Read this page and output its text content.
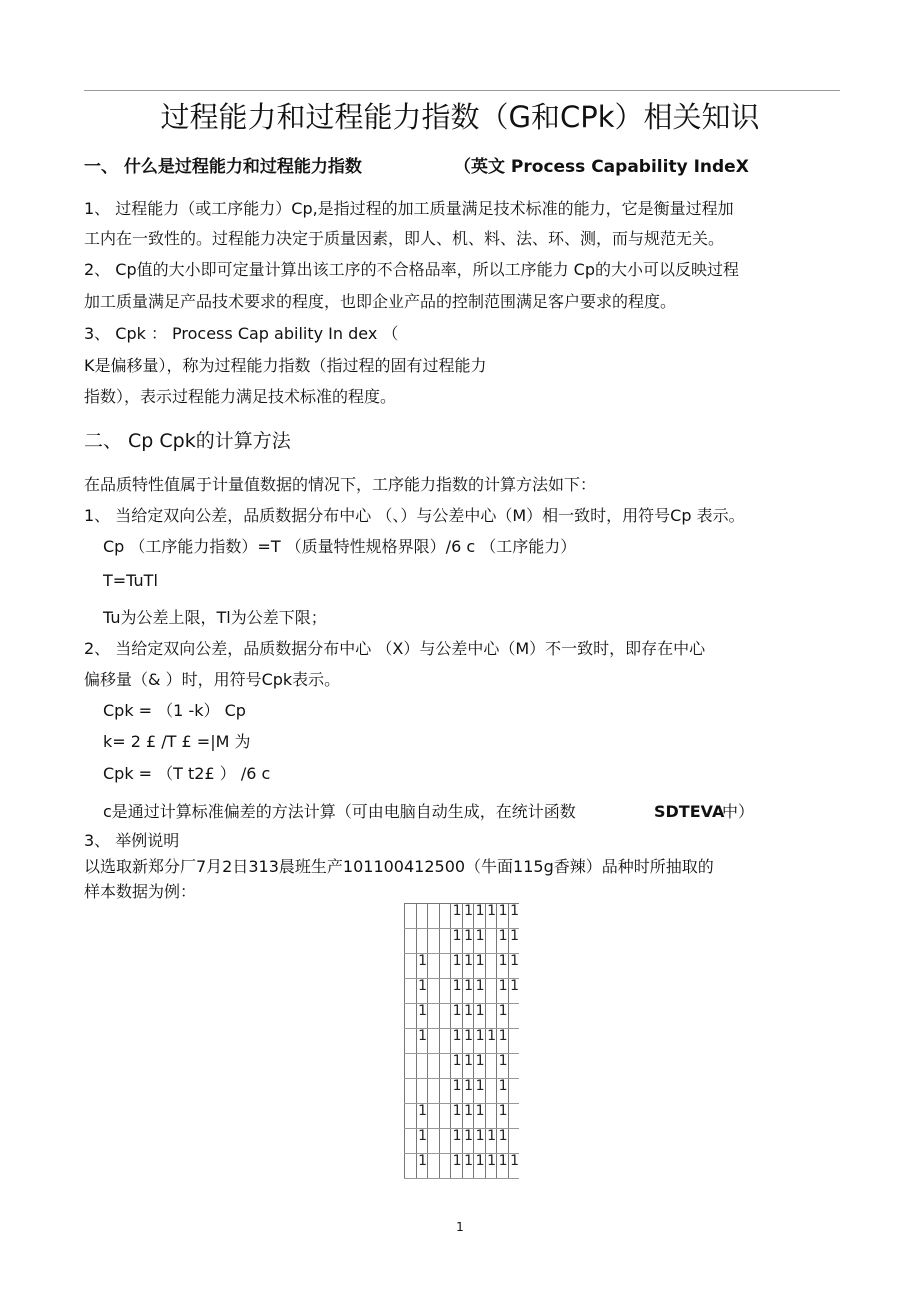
过程能力和过程能力指数（G和CPk）相关知识
一、 什么是过程能力和过程能力指数	（英文 Process Capability IndeX
1、 过程能力（或工序能力）Cp,是指过程的加工质量满足技术标准的能力，它是衡量过程加
工内在一致性的。过程能力决定于质量因素，即人、机、料、法、环、测，而与规范无关。
2、 Cp值的大小即可定量计算出该工序的不合格品率，所以工序能力 Cp的大小可以反映过程
加工质量满足产品技术要求的程度，也即企业产品的控制范围满足客户要求的程度。
3、 Cpk ： Process Cap ability In dex （
K是偏移量），称为过程能力指数（指过程的固有过程能力
指数），表示过程能力满足技术标准的程度。
二、 Cp Cpk的计算方法
在品质特性值属于计量值数据的情况下，工序能力指数的计算方法如下：
1、 当给定双向公差，品质数据分布中心 （、）与公差中心（M）相一致时，用符号Cp 表示。
Cp （工序能力指数）=T （质量特性规格界限）/6 c （工序能力）
T=TuTl
Tu为公差上限，Tl为公差下限；
2、 当给定双向公差，品质数据分布中心 （X）与公差中心（M）不一致时，即存在中心
偏移量（& ）时，用符号Cpk表示。
Cpk = （1 -k） Cp
k= 2 £ /T £ =|M 为
Cpk = （T t2£ ） /6 c
c是通过计算标准偏差的方法计算（可由电脑自动生成，在统计函数	SDTEVA
中）
3、 举例说明
以选取新郑分厂7月2日313晨班生产101100412500（牛面115g香辣）品种时所抽取的
样本数据为例：
				1	1	1	1	1	1
				1	1	1		1	1
	1			1	1	1		1	1
	1			1	1	1		1	1
	1			1	1	1		1	
	1			1	1	1	1	1	
				1	1	1		1	
				1	1	1		1	
	1			1	1	1		1	
	1			1	1	1	1	1	
	1			1	1	1	1	1	1
1
